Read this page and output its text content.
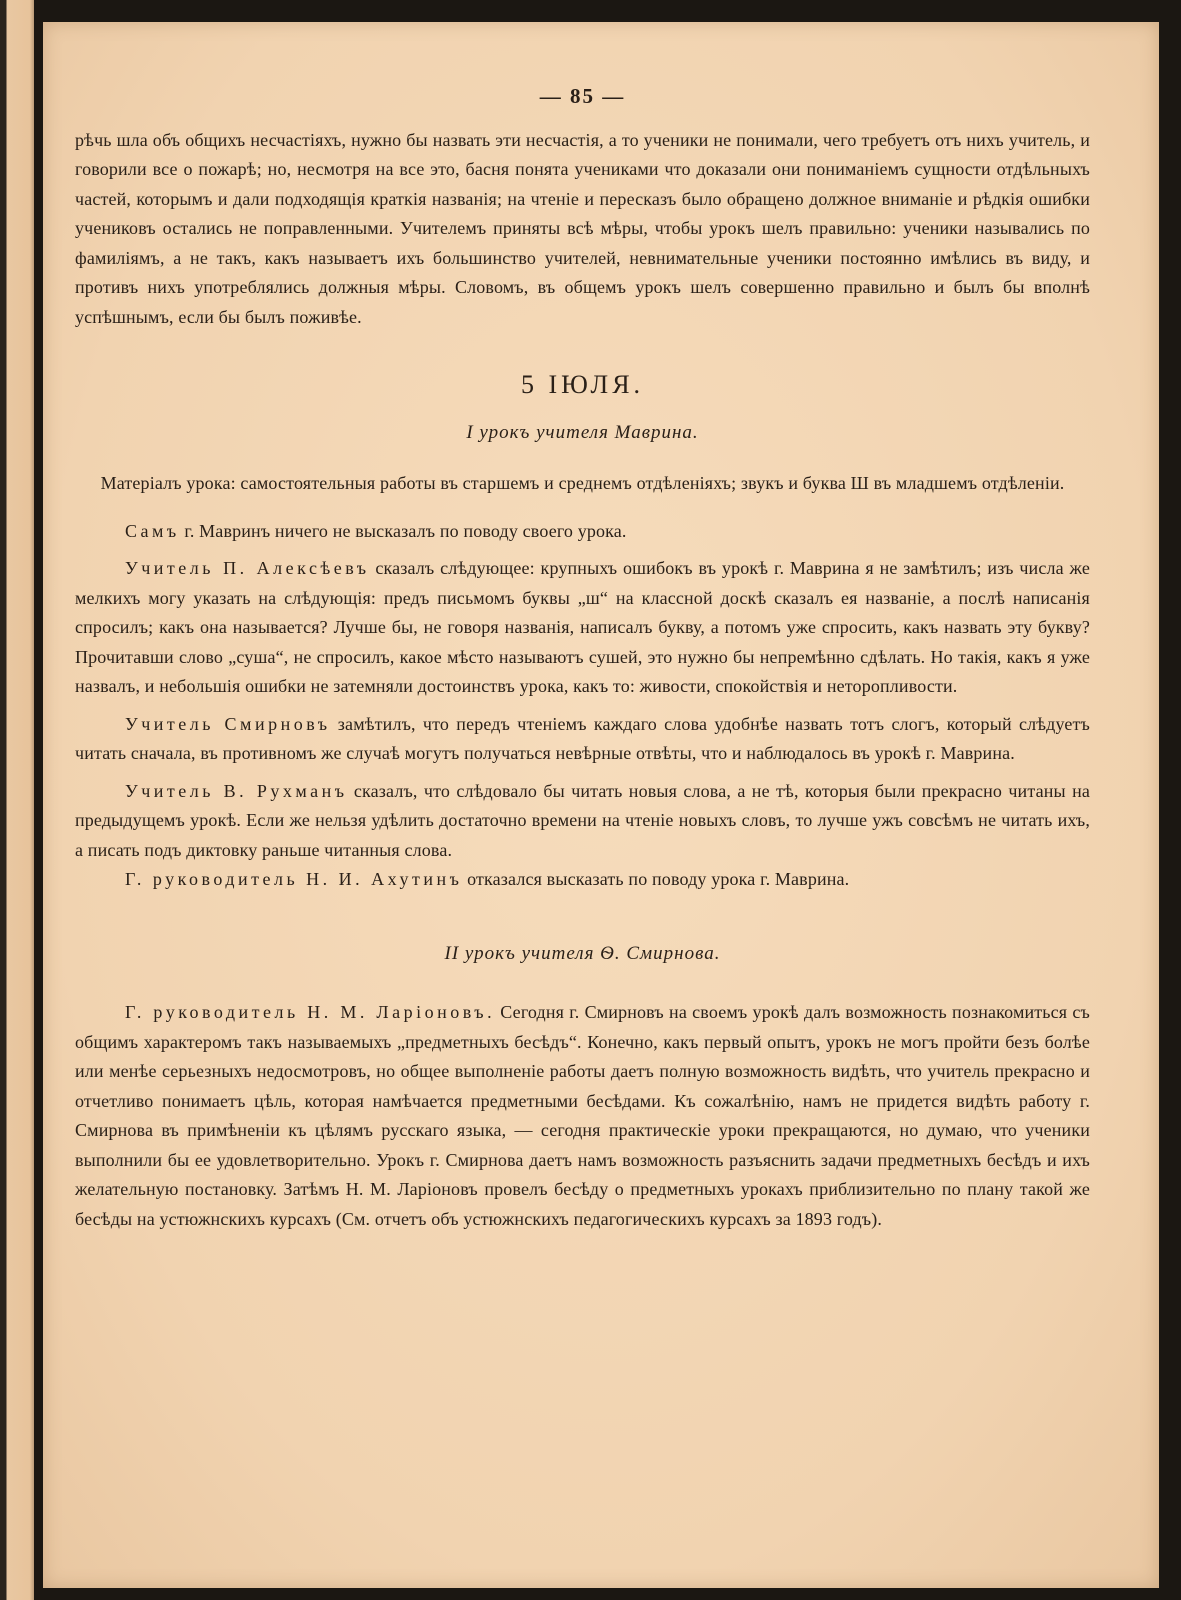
— 85 —

рѣчь шла объ общихъ несчастіяхъ, нужно бы назвать эти несчастія, а то ученики не понимали, чего требуетъ отъ нихъ учитель, и говорили все о пожарѣ; но, несмотря на все это, басня понята учениками что доказали они пониманіемъ сущности отдѣльныхъ частей, которымъ и дали подходящія краткія названія; на чтеніе и пересказъ было обращено должное вниманіе и рѣдкія ошибки учениковъ остались не поправленными. Учителемъ приняты всѣ мѣры, чтобы урокъ шелъ правильно: ученики назывались по фамиліямъ, а не такъ, какъ называетъ ихъ большинство учителей, невнимательные ученики постоянно имѣлись въ виду, и противъ нихъ употреблялись должныя мѣры. Словомъ, въ общемъ урокъ шелъ совершенно правильно и былъ бы вполнѣ успѣшнымъ, если бы былъ поживѣе.

5 ІЮЛЯ.
I урокъ учителя Маврина.

Матеріалъ урока: самостоятельныя работы въ старшемъ и среднемъ отдѣленіяхъ; звукъ и буква Ш въ младшемъ отдѣленіи.

Самъ г. Мавринъ ничего не высказалъ по поводу своего урока.

Учитель П. Алексѣевъ сказалъ слѣдующее: крупныхъ ошибокъ въ урокѣ г. Маврина я не замѣтилъ; изъ числа же мелкихъ могу указать на слѣдующія: предъ письмомъ буквы „ш“ на классной доскѣ сказалъ ея названіе, а послѣ написанія спросилъ; какъ она называется? Лучше бы, не говоря названія, написалъ букву, а потомъ уже спросить, какъ назвать эту букву? Прочитавши слово „суша“, не спросилъ, какое мѣсто называютъ сушей, это нужно бы непремѣнно сдѣлать. Но такія, какъ я уже назвалъ, и небольшія ошибки не затемняли достоинствъ урока, какъ то: живости, спокойствія и неторопливости.

Учитель Смирновъ замѣтилъ, что передъ чтеніемъ каждаго слова удобнѣе назвать тотъ слогъ, который слѣдуетъ читать сначала, въ противномъ же случаѣ могутъ получаться невѣрные отвѣты, что и наблюдалось въ урокѣ г. Маврина.

Учитель В. Рухманъ сказалъ, что слѣдовало бы читать новыя слова, а не тѣ, которыя были прекрасно читаны на предыдущемъ урокѣ. Если же нельзя удѣлить достаточно времени на чтеніе новыхъ словъ, то лучше ужъ совсѣмъ не читать ихъ, а писать подъ диктовку раньше читанныя слова.

Г. руководитель Н. И. Ахутинъ отказался высказать по поводу урока г. Маврина.

II урокъ учителя Ѳ. Смирнова.

Г. руководитель Н. М. Ларіоновъ. Сегодня г. Смирновъ на своемъ урокѣ далъ возможность познакомиться съ общимъ характеромъ такъ называемыхъ „предметныхъ бесѣдъ“. Конечно, какъ первый опытъ, урокъ не могъ пройти безъ болѣе или менѣе серьезныхъ недосмотровъ, но общее выполненіе работы даетъ полную возможность видѣть, что учитель прекрасно и отчетливо понимаетъ цѣль, которая намѣчается предметными бесѣдами. Къ сожалѣнію, намъ не придется видѣть работу г. Смирнова въ примѣненіи къ цѣлямъ русскаго языка, — сегодня практическіе уроки прекращаются, но думаю, что ученики выполнили бы ее удовлетворительно. Урокъ г. Смирнова даетъ намъ возможность разъяснить задачи предметныхъ бесѣдъ и ихъ желательную постановку. Затѣмъ Н. М. Ларіоновъ провелъ бесѣду о предметныхъ урокахъ приблизительно по плану такой же бесѣды на устюжнскихъ курсахъ (См. отчетъ объ устюжнскихъ педагогическихъ курсахъ за 1893 годъ).
